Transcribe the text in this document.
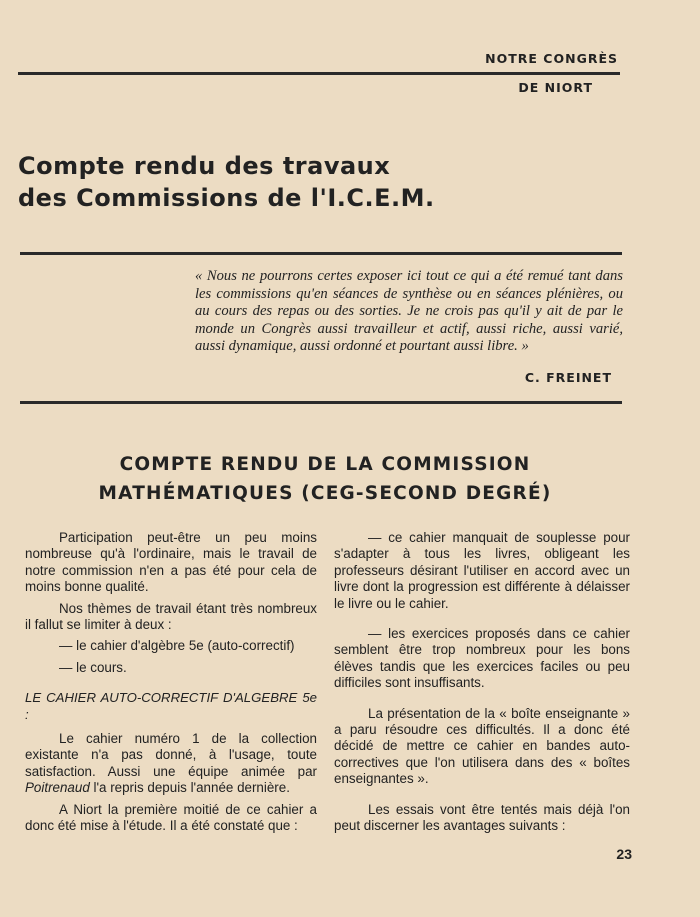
NOTRE CONGRÈS
DE NIORT
Compte rendu des travaux
des Commissions de l'I.C.E.M.
« Nous ne pourrons certes exposer ici tout ce qui a été remué tant dans les commissions qu'en séances de synthèse ou en séances plénières, ou au cours des repas ou des sorties. Je ne crois pas qu'il y ait de par le monde un Congrès aussi travailleur et actif, aussi riche, aussi varié, aussi dynamique, aussi ordonné et pourtant aussi libre. »
C. FREINET
COMPTE RENDU DE LA COMMISSION
MATHÉMATIQUES (CEG-SECOND DEGRÉ)

Participation peut-être un peu moins nombreuse qu'à l'ordinaire, mais le travail de notre commission n'en a pas été pour cela de moins bonne qualité.

Nos thèmes de travail étant très nombreux il fallut se limiter à deux :

— le cahier d'algèbre 5e (auto-correctif)

— le cours.

LE CAHIER AUTO-CORRECTIF D'ALGEBRE 5e :

Le cahier numéro 1 de la collection existante n'a pas donné, à l'usage, toute satisfaction. Aussi une équipe animée par Poitrenaud l'a repris depuis l'année dernière.

A Niort la première moitié de ce cahier a donc été mise à l'étude. Il a été constaté que :

— ce cahier manquait de souplesse pour s'adapter à tous les livres, obligeant les professeurs désirant l'utiliser en accord avec un livre dont la progression est différente à délaisser le livre ou le cahier.

— les exercices proposés dans ce cahier semblent être trop nombreux pour les bons élèves tandis que les exercices faciles ou peu difficiles sont insuffisants.

La présentation de la « boîte enseignante » a paru résoudre ces difficultés. Il a donc été décidé de mettre ce cahier en bandes auto-correctives que l'on utilisera dans des « boîtes enseignantes ».

Les essais vont être tentés mais déjà l'on peut discerner les avantages suivants :

23
